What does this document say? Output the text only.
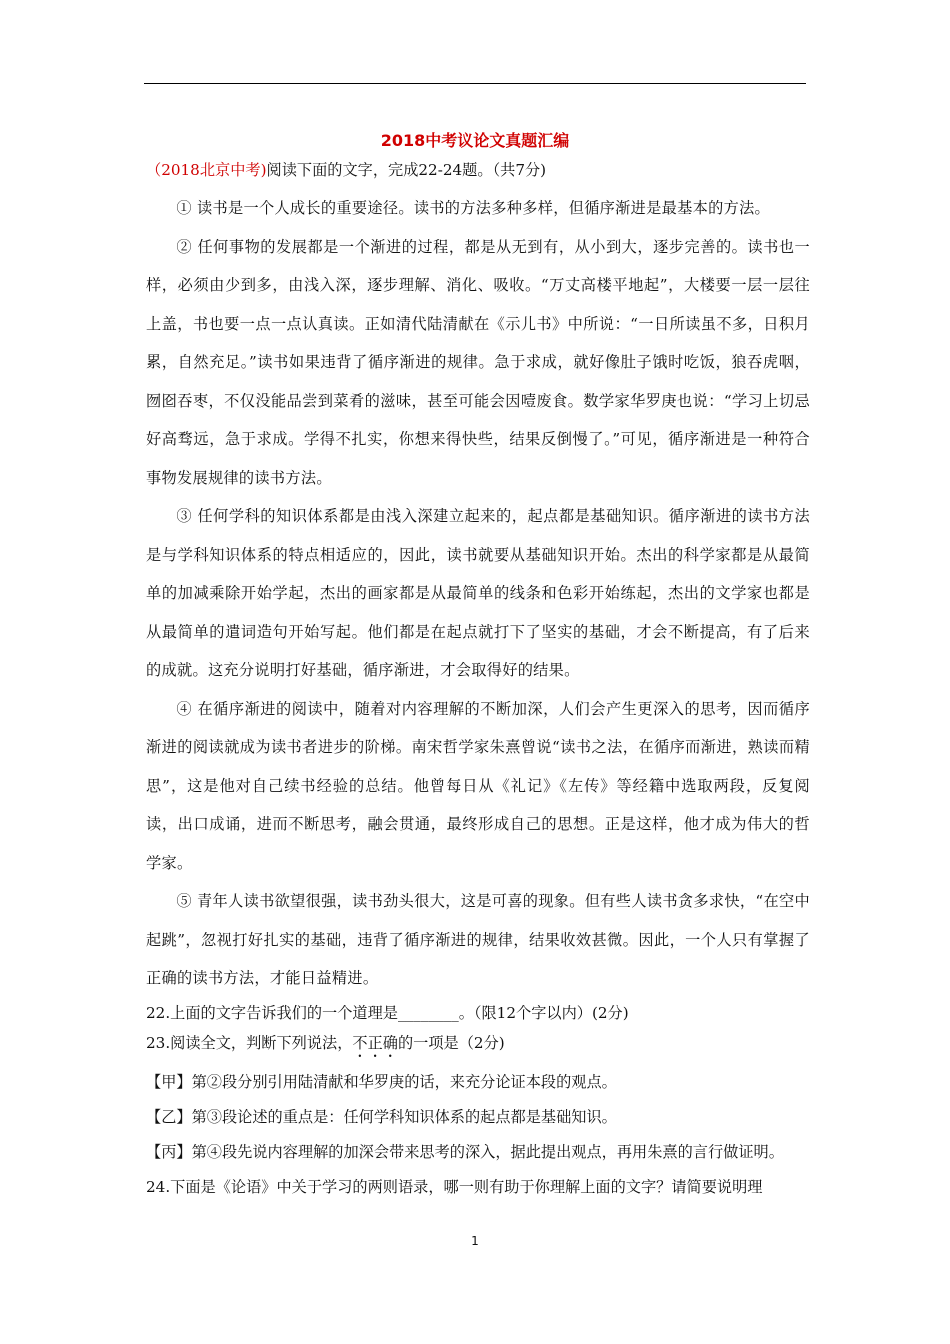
2018中考议论文真题汇编

（2018北京中考)阅读下面的文字，完成22-24题。（共7分)

① 读书是一个人成长的重要途径。读书的方法多种多样，但循序渐进是最基本的方法。

② 任何事物的发展都是一个渐进的过程，都是从无到有，从小到大，逐步完善的。读书也一样，必须由少到多，由浅入深，逐步理解、消化、吸收。“万丈高楼平地起”，大楼要一层一层往上盖，书也要一点一点认真读。正如清代陆清献在《示儿书》中所说：“一日所读虽不多，日积月累，自然充足。”读书如果违背了循序渐进的规律。急于求成，就好像肚子饿时吃饭，狼吞虎咽，囫囵吞枣，不仅没能品尝到菜肴的滋味，甚至可能会因噎废食。数学家华罗庚也说：“学习上切忌好高骛远，急于求成。学得不扎实，你想来得快些，结果反倒慢了。”可见，循序渐进是一种符合事物发展规律的读书方法。

③ 任何学科的知识体系都是由浅入深建立起来的，起点都是基础知识。循序渐进的读书方法是与学科知识体系的特点相适应的，因此，读书就要从基础知识开始。杰出的科学家都是从最简单的加减乘除开始学起，杰出的画家都是从最简单的线条和色彩开始练起，杰出的文学家也都是从最简单的遣词造句开始写起。他们都是在起点就打下了坚实的基础，才会不断提高，有了后来的成就。这充分说明打好基础，循序渐进，才会取得好的结果。

④ 在循序渐进的阅读中，随着对内容理解的不断加深，人们会产生更深入的思考，因而循序渐进的阅读就成为读书者进步的阶梯。南宋哲学家朱熹曾说“读书之法，在循序而渐进，熟读而精思”，这是他对自己续书经验的总结。他曾每日从《礼记》《左传》等经籍中选取两段，反复阅读，出口成诵，进而不断思考，融会贯通，最终形成自己的思想。正是这样，他才成为伟大的哲学家。

⑤ 青年人读书欲望很强，读书劲头很大，这是可喜的现象。但有些人读书贪多求快，“在空中起跳”，忽视打好扎实的基础，违背了循序渐进的规律，结果收效甚微。因此，一个人只有掌握了正确的读书方法，才能日益精进。

22.上面的文字告诉我们的一个道理是________。（限12个字以内）(2分)

23.阅读全文，判断下列说法，不正确的一项是（2分)

【甲】第②段分别引用陆清献和华罗庚的话，来充分论证本段的观点。

【乙】第③段论述的重点是：任何学科知识体系的起点都是基础知识。

【丙】第④段先说内容理解的加深会带来思考的深入，据此提出观点，再用朱熹的言行做证明。

24.下面是《论语》中关于学习的两则语录，哪一则有助于你理解上面的文字？请简要说明理

1
